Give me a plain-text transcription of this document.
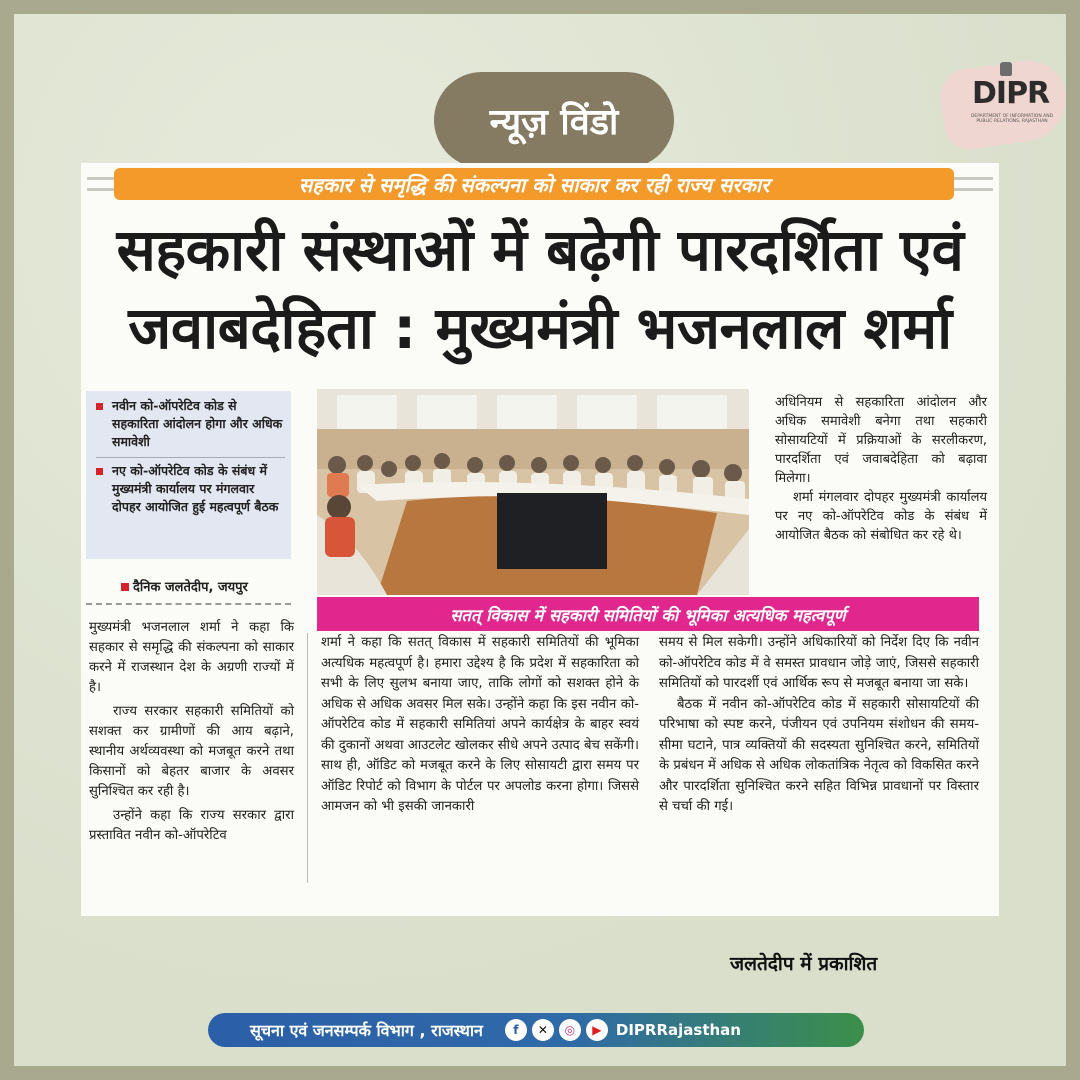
न्यूज़ विंडो
DIPR
DEPARTMENT OF INFORMATION AND PUBLIC RELATIONS, RAJASTHAN
सहकार से समृद्धि की संकल्पना को साकार कर रही राज्य सरकार
सहकारी संस्थाओं में बढ़ेगी पारदर्शिता एवं जवाबदेहिता : मुख्यमंत्री भजनलाल शर्मा
नवीन को-ऑपरेटिव कोड से सहकारिता आंदोलन होगा और अधिक समावेशी
नए को-ऑपरेटिव कोड के संबंध में मुख्यमंत्री कार्यालय पर मंगलवार दोपहर आयोजित हुई महत्वपूर्ण बैठक
दैनिक जलतेदीप, जयपुर

अधिनियम से सहकारिता आंदोलन और अधिक समावेशी बनेगा तथा सहकारी सोसायटियों में प्रक्रियाओं के सरलीकरण, पारदर्शिता एवं जवाबदेहिता को बढ़ावा मिलेगा।

शर्मा मंगलवार दोपहर मुख्यमंत्री कार्यालय पर नए को-ऑपरेटिव कोड के संबंध में आयोजित बैठक को संबोधित कर रहे थे।

सतत् विकास में सहकारी समितियों की भूमिका अत्यधिक महत्वपूर्ण

मुख्यमंत्री भजनलाल शर्मा ने कहा कि सहकार से समृद्धि की संकल्पना को साकार करने में राजस्थान देश के अग्रणी राज्यों में है।

राज्य सरकार सहकारी समितियों को सशक्त कर ग्रामीणों की आय बढ़ाने, स्थानीय अर्थव्यवस्था को मजबूत करने तथा किसानों को बेहतर बाजार के अवसर सुनिश्चित कर रही है।

उन्होंने कहा कि राज्य सरकार द्वारा प्रस्तावित नवीन को-ऑपरेटिव

शर्मा ने कहा कि सतत् विकास में सहकारी समितियों की भूमिका अत्यधिक महत्वपूर्ण है। हमारा उद्देश्य है कि प्रदेश में सहकारिता को सभी के लिए सुलभ बनाया जाए, ताकि लोगों को सशक्त होने के अधिक से अधिक अवसर मिल सके। उन्होंने कहा कि इस नवीन को-ऑपरेटिव कोड में सहकारी समितियां अपने कार्यक्षेत्र के बाहर स्वयं की दुकानों अथवा आउटलेट खोलकर सीधे अपने उत्पाद बेच सकेंगी। साथ ही, ऑडिट को मजबूत करने के लिए सोसायटी द्वारा समय पर ऑडिट रिपोर्ट को विभाग के पोर्टल पर अपलोड करना होगा। जिससे आमजन को भी इसकी जानकारी

समय से मिल सकेगी। उन्होंने अधिकारियों को निर्देश दिए कि नवीन को-ऑपरेटिव कोड में वे समस्त प्रावधान जोड़े जाएं, जिससे सहकारी समितियों को पारदर्शी एवं आर्थिक रूप से मजबूत बनाया जा सके।

बैठक में नवीन को-ऑपरेटिव कोड में सहकारी सोसायटियों की परिभाषा को स्पष्ट करने, पंजीयन एवं उपनियम संशोधन की समय-सीमा घटाने, पात्र व्यक्तियों की सदस्यता सुनिश्चित करने, समितियों के प्रबंधन में अधिक से अधिक लोकतांत्रिक नेतृत्व को विकसित करने और पारदर्शिता सुनिश्चित करने सहित विभिन्न प्रावधानों पर विस्तार से चर्चा की गई।

जलतेदीप में प्रकाशित
सूचना एवं जनसम्पर्क विभाग , राजस्थान	f	✕	◎	▶ DIPRRajasthan
